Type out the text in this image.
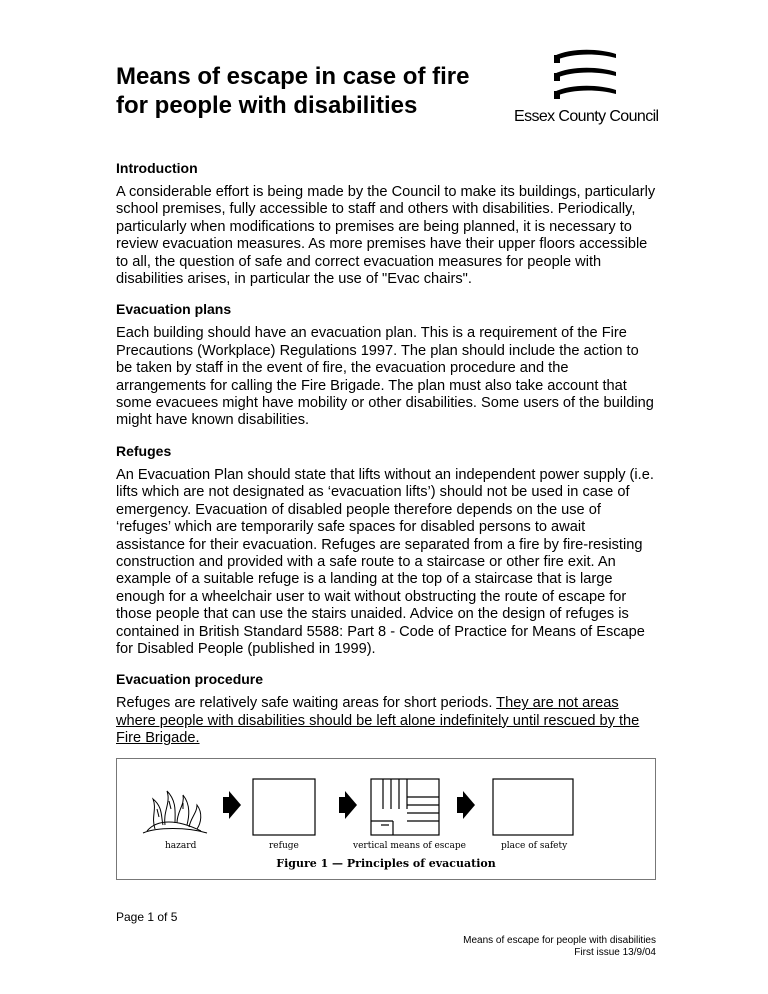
Means of escape in case of fire
for people with disabilities	Essex County Council
Introduction

A considerable effort is being made by the Council to make its buildings, particularly school premises, fully accessible to staff and others with disabilities. Periodically, particularly when modifications to premises are being planned, it is necessary to review evacuation measures. As more premises have their upper floors accessible to all, the question of safe and correct evacuation measures for people with disabilities arises, in particular the use of "Evac chairs".

Evacuation plans

Each building should have an evacuation plan. This is a requirement of the Fire Precautions (Workplace) Regulations 1997. The plan should include the action to be taken by staff in the event of fire, the evacuation procedure and the arrangements for calling the Fire Brigade. The plan must also take account that some evacuees might have mobility or other disabilities. Some users of the building might have known disabilities.

Refuges

An Evacuation Plan should state that lifts without an independent power supply (i.e. lifts which are not designated as ‘evacuation lifts’) should not be used in case of emergency. Evacuation of disabled people therefore depends on the use of ‘refuges’ which are temporarily safe spaces for disabled persons to await assistance for their evacuation. Refuges are separated from a fire by fire-resisting construction and provided with a safe route to a staircase or other fire exit. An example of a suitable refuge is a landing at the top of a staircase that is large enough for a wheelchair user to wait without obstructing the route of escape for those people that can use the stairs unaided. Advice on the design of refuges is contained in British Standard 5588: Part 8 - Code of Practice for Means of Escape for Disabled People (published in 1999).

Evacuation procedure

Refuges are relatively safe waiting areas for short periods. They are not areas where people with disabilities should be left alone indefinitely until rescued by the Fire Brigade.

hazard	refuge	vertical means of escape	place of safety
Figure 1 — Principles of evacuation
Page 1 of 5
Means of escape for people with disabilities
First issue 13/9/04
